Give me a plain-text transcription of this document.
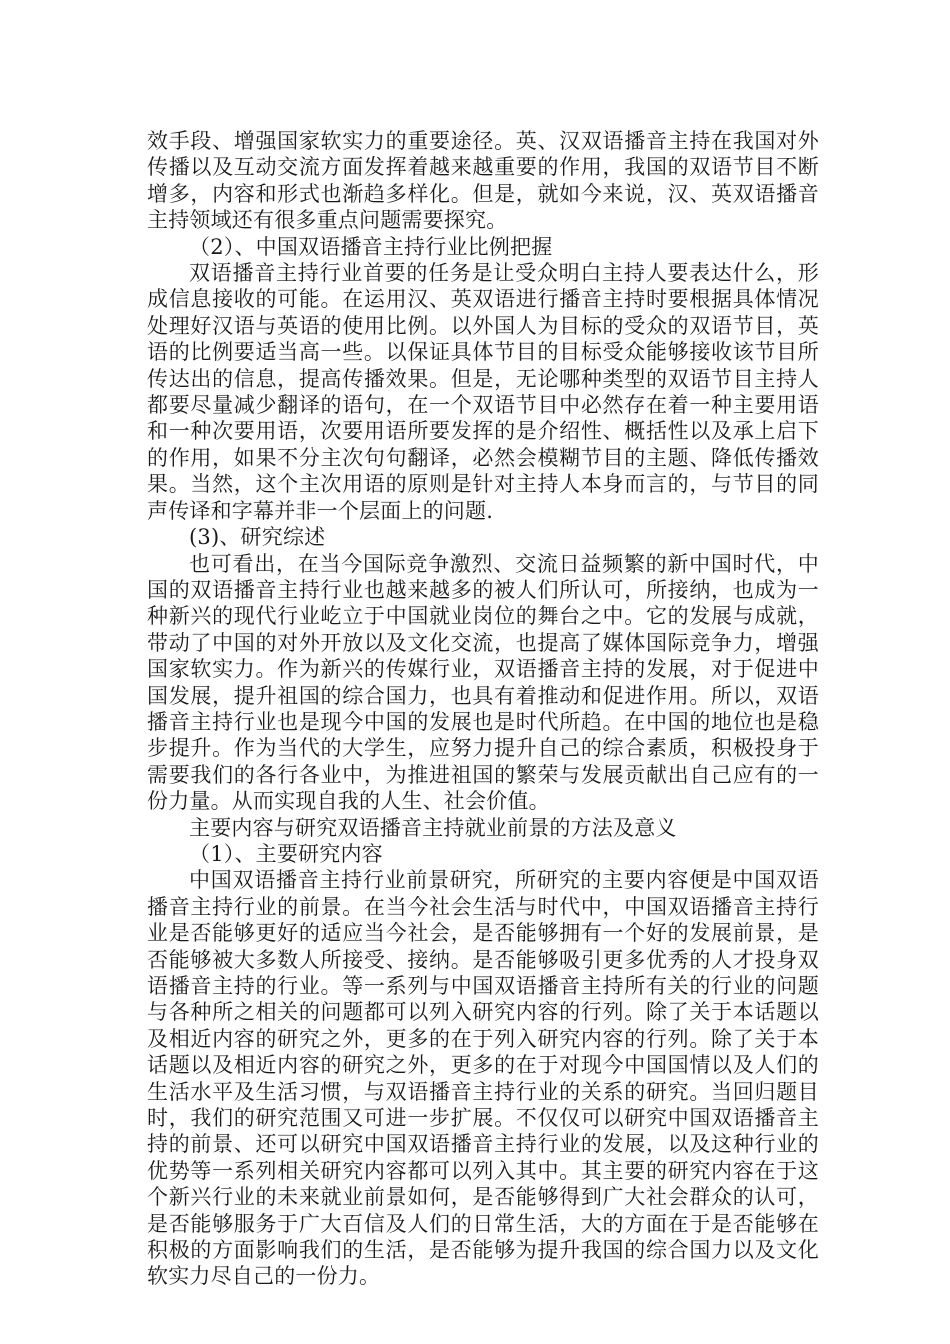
效手段、增强国家软实力的重要途径。英、汉双语播音主持在我国对外传播以及互动交流方面发挥着越来越重要的作用，我国的双语节目不断增多，内容和形式也渐趋多样化。但是，就如今来说，汉、英双语播音主持领域还有很多重点问题需要探究。

（2）、中国双语播音主持行业比例把握

双语播音主持行业首要的任务是让受众明白主持人要表达什么，形成信息接收的可能。在运用汉、英双语进行播音主持时要根据具体情况处理好汉语与英语的使用比例。以外国人为目标的受众的双语节目，英语的比例要适当高一些。以保证具体节目的目标受众能够接收该节目所传达出的信息，提高传播效果。但是，无论哪种类型的双语节目主持人都要尽量减少翻译的语句，在一个双语节目中必然存在着一种主要用语和一种次要用语，次要用语所要发挥的是介绍性、概括性以及承上启下的作用，如果不分主次句句翻译，必然会模糊节目的主题、降低传播效果。当然，这个主次用语的原则是针对主持人本身而言的，与节目的同声传译和字幕并非一个层面上的问题.

(3)、研究综述

也可看出，在当今国际竞争激烈、交流日益频繁的新中国时代，中国的双语播音主持行业也越来越多的被人们所认可，所接纳，也成为一种新兴的现代行业屹立于中国就业岗位的舞台之中。它的发展与成就，带动了中国的对外开放以及文化交流，也提高了媒体国际竞争力，增强国家软实力。作为新兴的传媒行业，双语播音主持的发展，对于促进中国发展，提升祖国的综合国力，也具有着推动和促进作用。所以，双语播音主持行业也是现今中国的发展也是时代所趋。在中国的地位也是稳步提升。作为当代的大学生，应努力提升自己的综合素质，积极投身于需要我们的各行各业中，为推进祖国的繁荣与发展贡献出自己应有的一份力量。从而实现自我的人生、社会价值。

主要内容与研究双语播音主持就业前景的方法及意义

（1）、主要研究内容

中国双语播音主持行业前景研究，所研究的主要内容便是中国双语播音主持行业的前景。在当今社会生活与时代中，中国双语播音主持行业是否能够更好的适应当今社会，是否能够拥有一个好的发展前景，是否能够被大多数人所接受、接纳。是否能够吸引更多优秀的人才投身双语播音主持的行业。等一系列与中国双语播音主持所有关的行业的问题与各种所之相关的问题都可以列入研究内容的行列。除了关于本话题以及相近内容的研究之外，更多的在于列入研究内容的行列。除了关于本话题以及相近内容的研究之外，更多的在于对现今中国国情以及人们的生活水平及生活习惯，与双语播音主持行业的关系的研究。当回归题目时，我们的研究范围又可进一步扩展。不仅仅可以研究中国双语播音主持的前景、还可以研究中国双语播音主持行业的发展，以及这种行业的优势等一系列相关研究内容都可以列入其中。其主要的研究内容在于这个新兴行业的未来就业前景如何，是否能够得到广大社会群众的认可，是否能够服务于广大百信及人们的日常生活，大的方面在于是否能够在积极的方面影响我们的生活，是否能够为提升我国的综合国力以及文化软实力尽自己的一份力。
